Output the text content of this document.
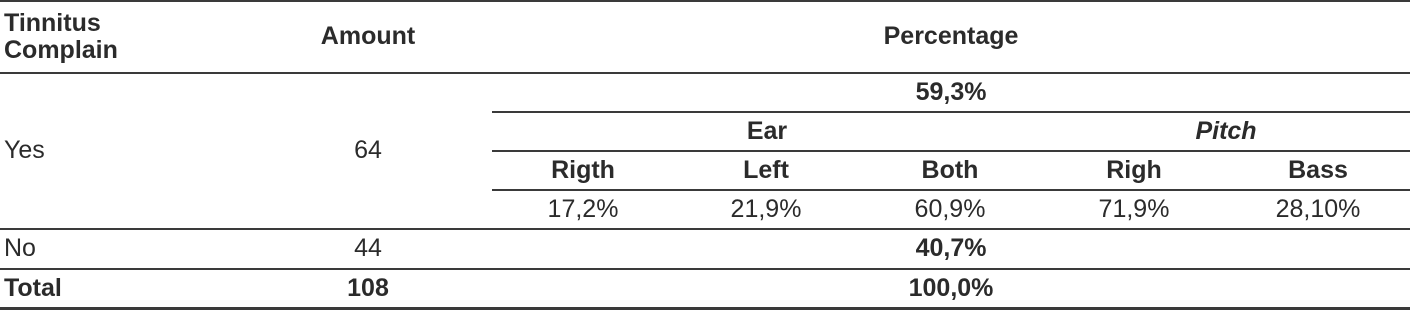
Tinnitus
Complain	Amount	Percentage				
Yes	64	59,3%				
		Ear			Pitch	
		Rigth	Left	Both	Righ	Bass
		17,2%	21,9%	60,9%	71,9%	28,10%
No	44	40,7%				
Total	108	100,0%				
